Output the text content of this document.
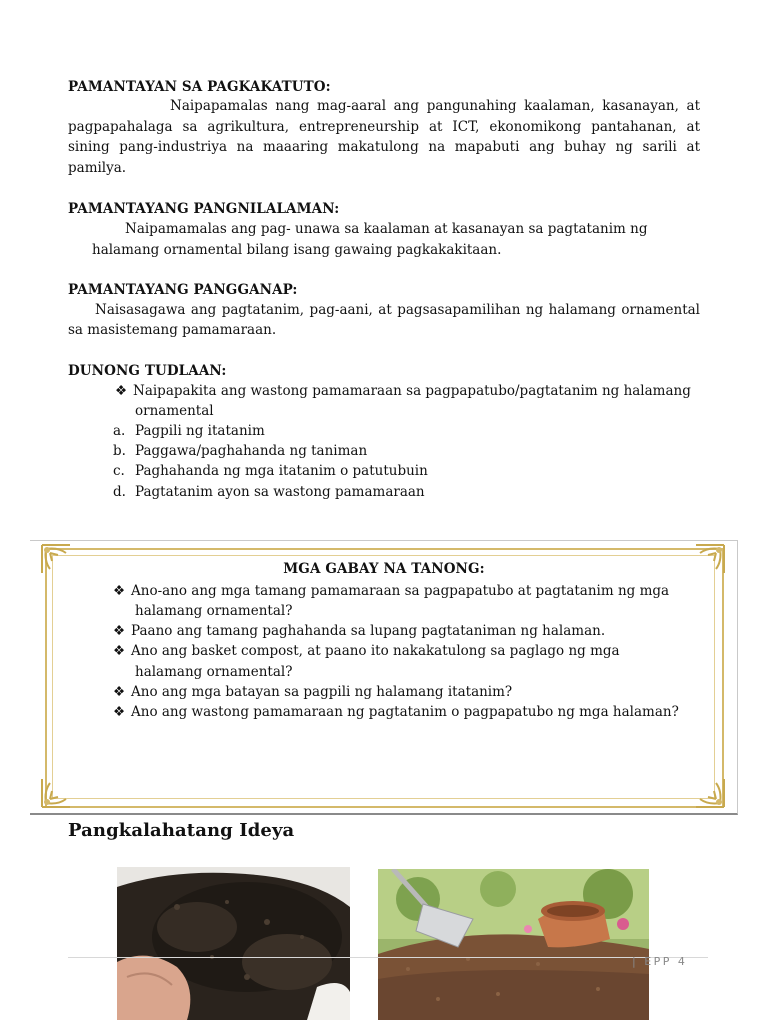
PAMANTAYAN SA PAGKAKATUTO:
Naipapamalas nang mag-aaral ang pangunahing kaalaman, kasanayan, at
pagpapahalaga sa agrikultura, entrepreneurship at ICT, ekonomikong pantahanan, at
sining pang-industriya na maaaring makatulong na mapabuti ang buhay ng sarili at
pamilya.
PAMANTAYANG PANGNILALAMAN:
Naipamamalas ang pag- unawa sa kaalaman at kasanayan sa pagtatanim ng
halamang ornamental bilang isang gawaing pagkakakitaan.
PAMANTAYANG PANGGANAP:
Naisasagawa ang pagtatanim, pag-aani, at pagsasapamilihan ng halamang ornamental
sa masistemang pamamaraan.
DUNONG TUDLAAN:
❖ Naipapakita ang wastong pamamaraan sa pagpapatubo/pagtatanim ng halamang
ornamental
a. Pagpili ng itatanim
b. Paggawa/paghahanda ng taniman
c. Paghahanda ng mga itatanim o patutubuin
d. Pagtatanim ayon sa wastong pamamaraan
MGA GABAY NA TANONG:
❖ Ano-ano ang mga tamang pamamaraan sa pagpapatubo at pagtatanim ng mga
halamang ornamental?
❖ Paano ang tamang paghahanda sa lupang pagtataniman ng halaman.
❖ Ano ang basket compost, at paano ito nakakatulong sa paglago ng mga
halamang ornamental?
❖ Ano ang mga batayan sa pagpili ng halamang itatanim?
❖ Ano ang wastong pamamaraan ng pagtatanim o pagpapatubo ng mga halaman?
Pangkalahatang Ideya
| EPP 4
